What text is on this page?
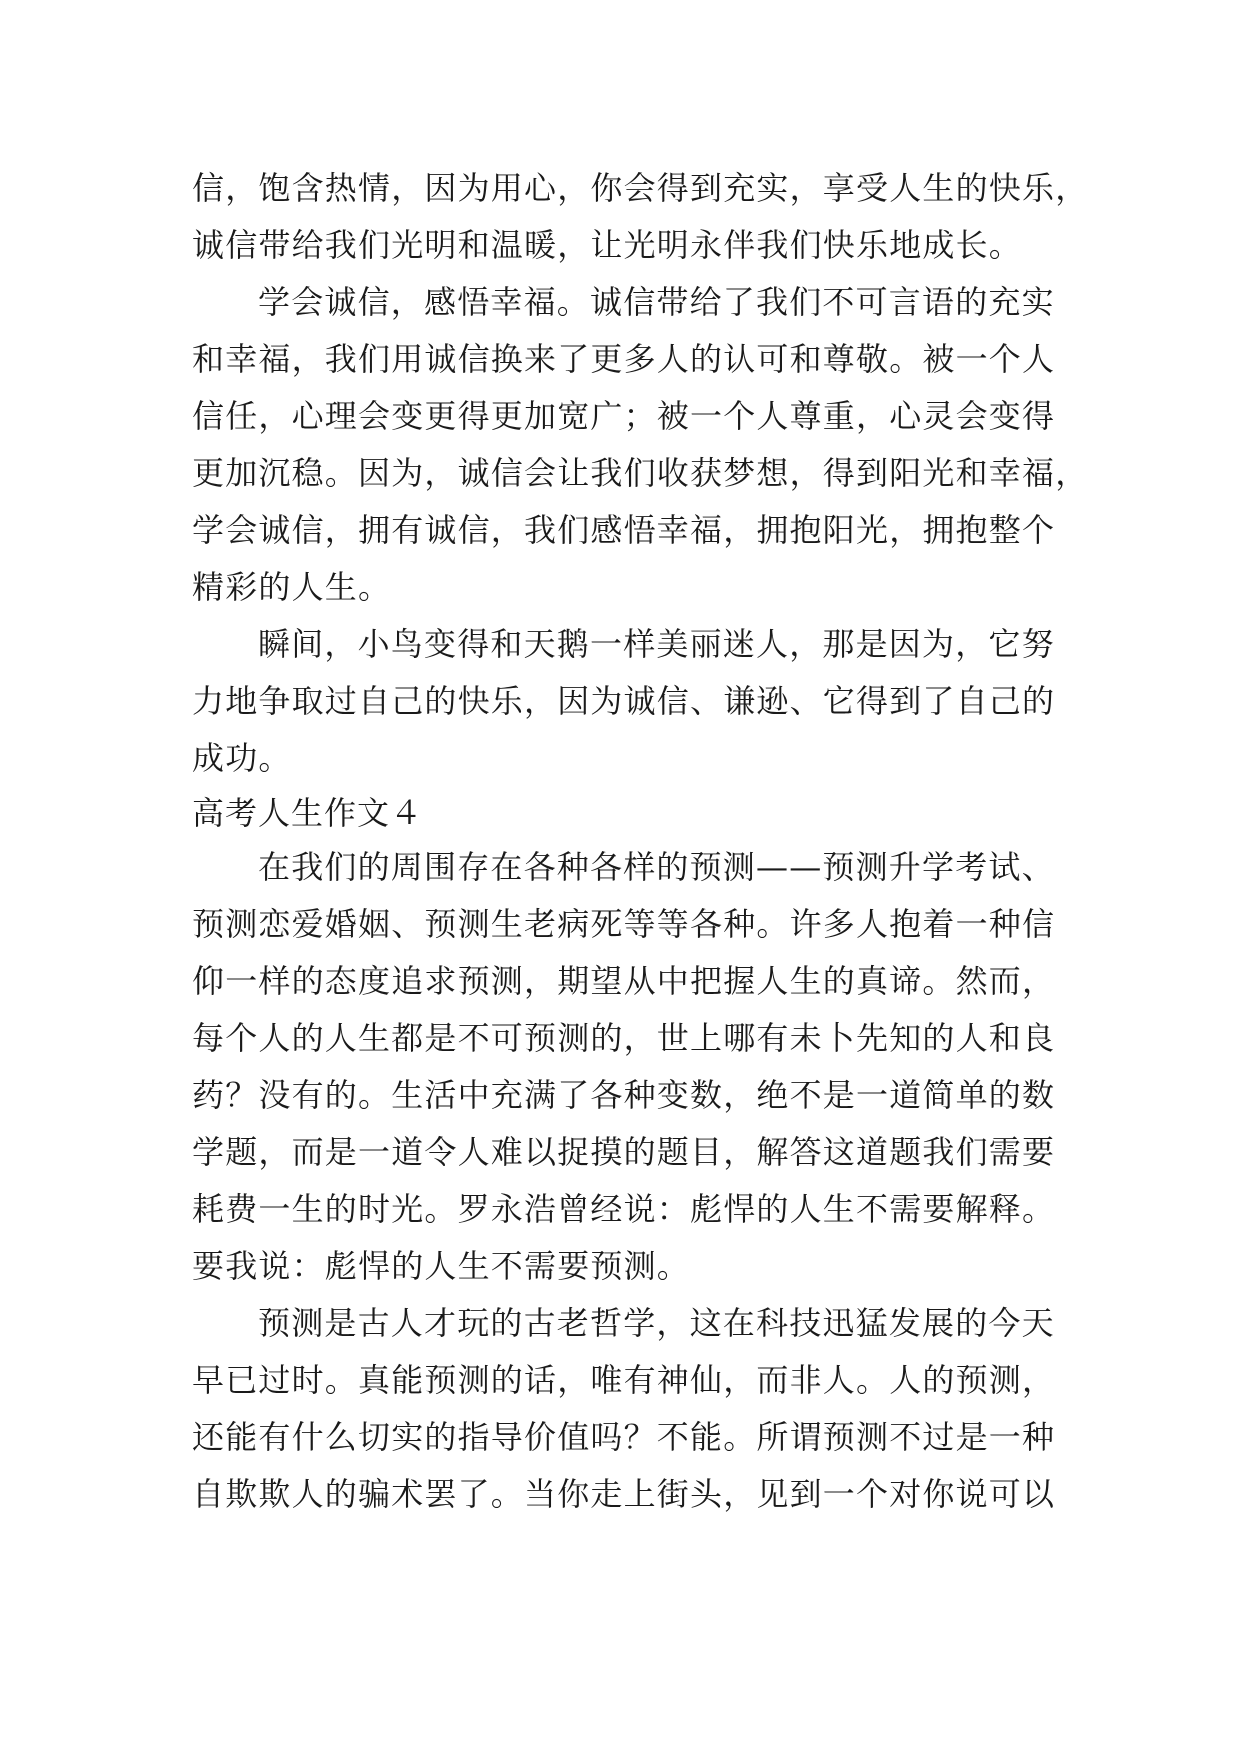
信，饱含热情，因为用心，你会得到充实，享受人生的快乐，
诚信带给我们光明和温暖，让光明永伴我们快乐地成长。
学会诚信，感悟幸福。诚信带给了我们不可言语的充实
和幸福，我们用诚信换来了更多人的认可和尊敬。被一个人
信任，心理会变更得更加宽广；被一个人尊重，心灵会变得
更加沉稳。因为，诚信会让我们收获梦想，得到阳光和幸福，
学会诚信，拥有诚信，我们感悟幸福，拥抱阳光，拥抱整个
精彩的人生。
瞬间，小鸟变得和天鹅一样美丽迷人，那是因为，它努
力地争取过自己的快乐，因为诚信、谦逊、它得到了自己的
成功。
高考人生作文４
在我们的周围存在各种各样的预测——预测升学考试、
预测恋爱婚姻、预测生老病死等等各种。许多人抱着一种信
仰一样的态度追求预测，期望从中把握人生的真谛。然而，
每个人的人生都是不可预测的，世上哪有未卜先知的人和良
药？没有的。生活中充满了各种变数，绝不是一道简单的数
学题，而是一道令人难以捉摸的题目，解答这道题我们需要
耗费一生的时光。罗永浩曾经说：彪悍的人生不需要解释。
要我说：彪悍的人生不需要预测。
预测是古人才玩的古老哲学，这在科技迅猛发展的今天
早已过时。真能预测的话，唯有神仙，而非人。人的预测，
还能有什么切实的指导价值吗？不能。所谓预测不过是一种
自欺欺人的骗术罢了。当你走上街头，见到一个对你说可以
